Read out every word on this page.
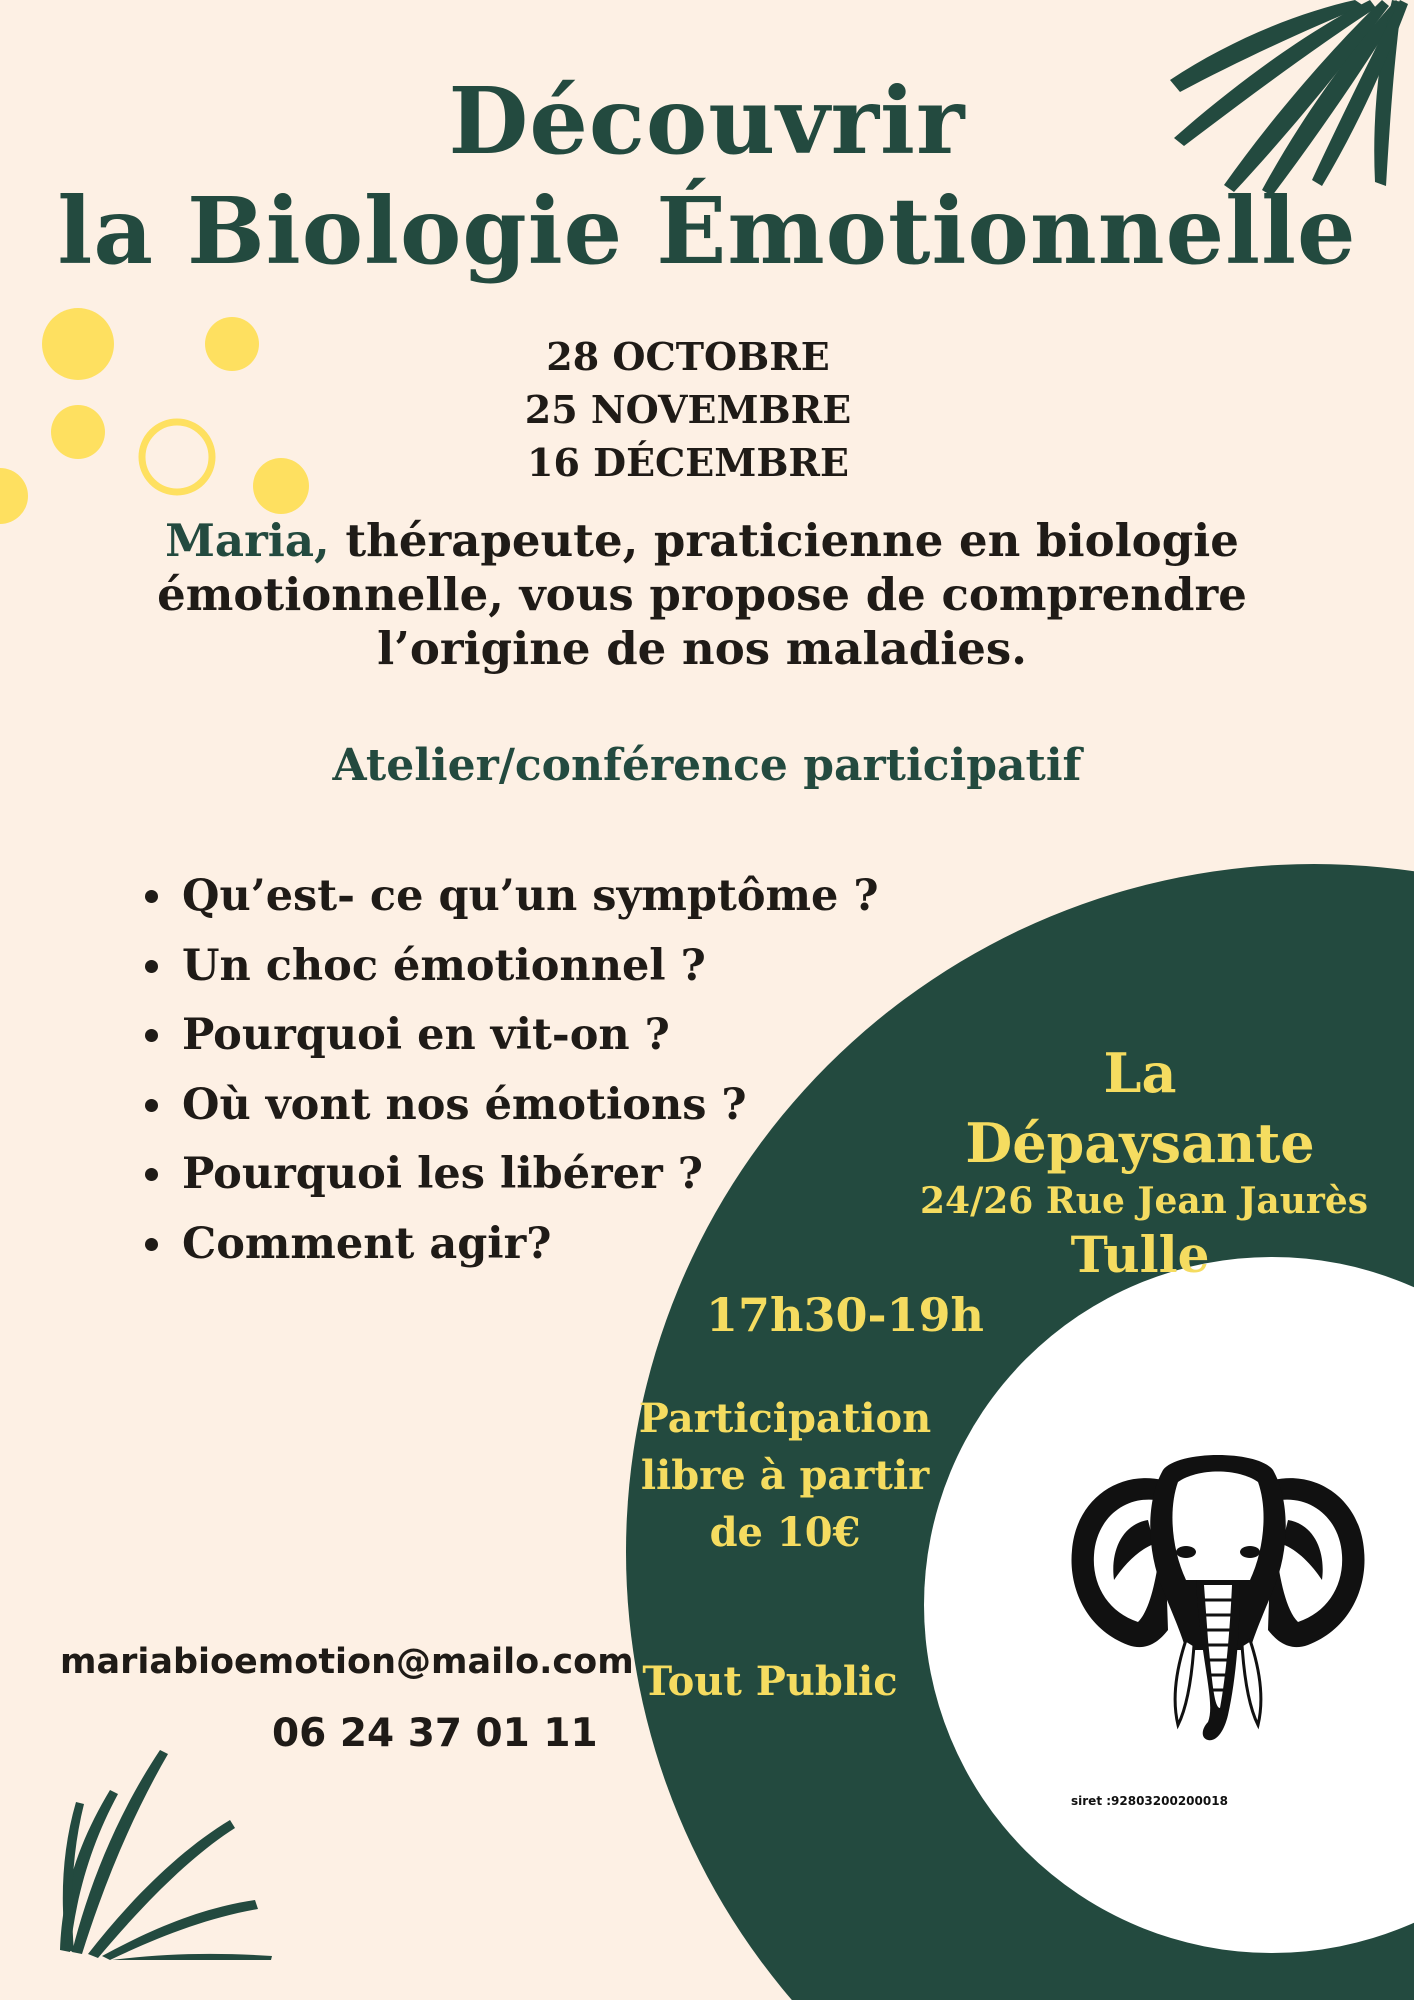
Découvrir
la Biologie Émotionnelle
28 OCTOBRE
25 NOVEMBRE
16 DÉCEMBRE
Maria, thérapeute, praticienne en biologie
émotionnelle, vous propose de comprendre
l’origine de nos maladies.
Atelier/conférence participatif
• Qu’est- ce qu’un symptôme ?
• Un choc émotionnel ?
• Pourquoi en vit-on ?
• Où vont nos émotions ?
• Pourquoi les libérer ?
• Comment agir?
La Dépaysante
24/26 Rue Jean Jaurès
Tulle
17h30-19h
Participation
libre à partir
de 10€
Tout Public
mariabioemotion@mailo.com
06 24 37 01 11
siret :92803200200018
